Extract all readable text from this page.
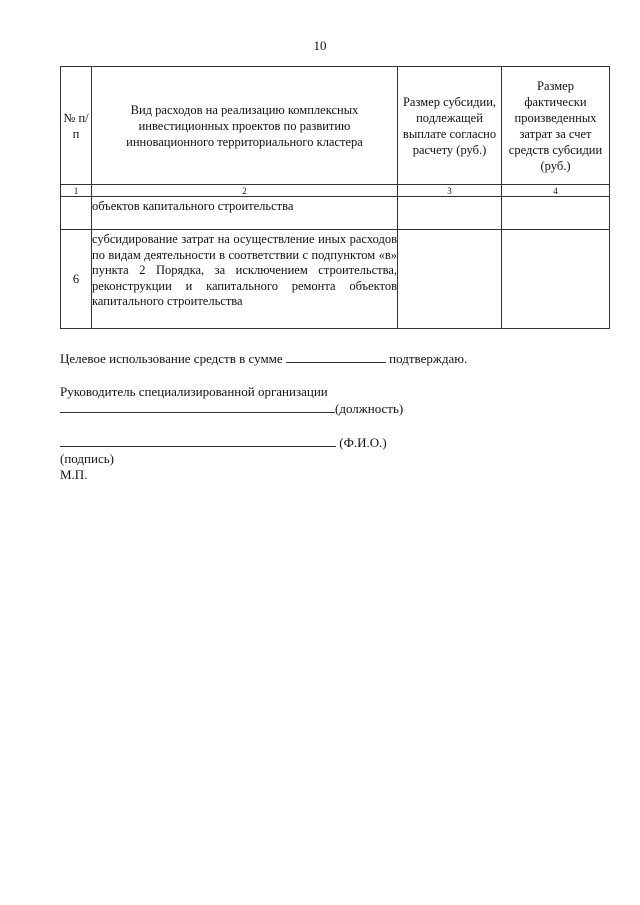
10
№ п/п	Вид расходов на реализацию комплексных инвестиционных проектов по развитию инновационного территориального кластера	Размер субсидии, подлежащей выплате согласно расчету (руб.)	Размер фактически произведенных затрат за счет средств субсидии (руб.)
1	2	3	4
	объектов капитального строительства		
6	субсидирование затрат на осуществление иных расходов по видам деятельности в соответствии с подпунктом «в» пункта 2 Порядка, за исключением строительства, реконструкции и капитального ремонта объектов капитального строительства		
Целевое использование средств в сумме	подтверждаю.
Руководитель специализированной организации
(должность)
(Ф.И.О.)
(подпись)
М.П.
